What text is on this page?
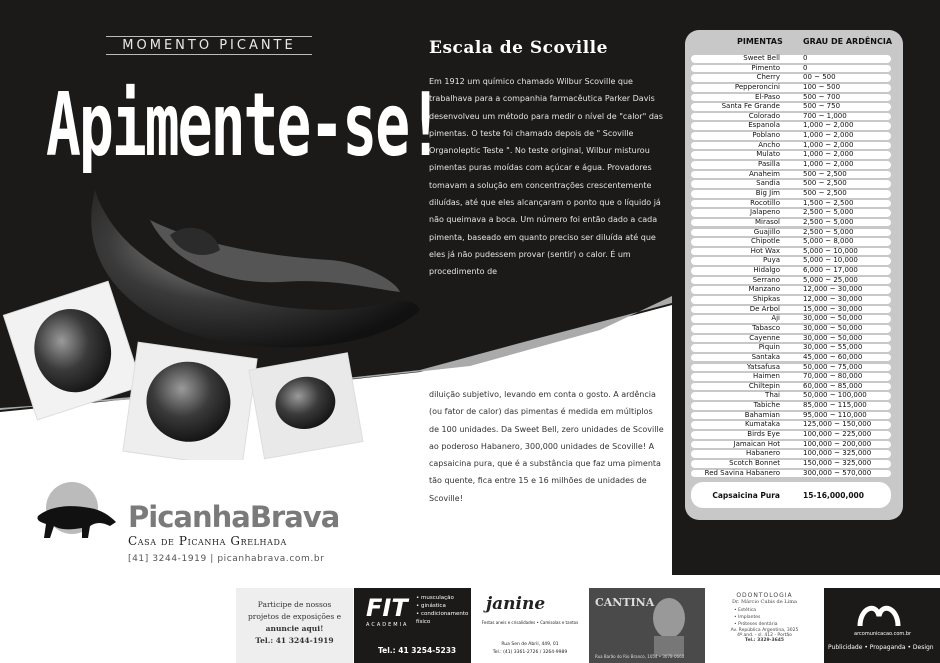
MOMENTO PICANTE
Apimente-se!
Escala de Scoville
Em 1912 um químico chamado Wilbur Scoville que trabalhava para a companhia farmacêutica Parker Davis desenvolveu um método para medir o nível de "calor" das pimentas. O teste foi chamado depois de " Scoville Organoleptic Teste ". No teste original, Wilbur misturou pimentas puras moídas com açúcar e água. Provadores tomavam a solução em concentrações crescentemente diluídas, até que eles alcançaram o ponto que o líquido já não queimava a boca. Um número foi então dado a cada pimenta, baseado em quanto preciso ser diluída até que eles já não pudessem provar (sentir) o calor. É um procedimento de
diluição subjetivo, levando em conta o gosto. A ardência (ou fator de calor) das pimentas é medida em múltiplos de 100 unidades. Da Sweet Bell, zero unidades de Scoville ao poderoso Habanero, 300,000 unidades de Scoville! A capsaicina pura, que é a substância que faz uma pimenta tão quente, fica entre 15 e 16 milhões de unidades de Scoville!
PicanhaBrava
Casa de Picanha Grelhada
[41] 3244-1919 | picanhabrava.com.br
PIMENTAS	GRAU DE ARDÊNCIA
Sweet Bell	0
Pimento	0
Cherry	00 ~ 500
Pepperoncini	100 ~ 500
El-Paso	500 ~ 700
Santa Fe Grande	500 ~ 750
Colorado	700 ~ 1,000
Espanola	1,000 ~ 2,000
Poblano	1,000 ~ 2,000
Ancho	1,000 ~ 2,000
Mulato	1,000 ~ 2,000
Pasilla	1,000 ~ 2,000
Anaheim	500 ~ 2,500
Sandia	500 ~ 2,500
Big Jim	500 ~ 2,500
Rocotillo	1,500 ~ 2,500
Jalapeno	2,500 ~ 5,000
Mirasol	2,500 ~ 5,000
Guajillo	2,500 ~ 5,000
Chipotle	5,000 ~ 8,000
Hot Wax	5,000 ~ 10,000
Puya	5,000 ~ 10,000
Hidalgo	6,000 ~ 17,000
Serrano	5,000 ~ 25,000
Manzano	12,000 ~ 30,000
Shipkas	12,000 ~ 30,000
De Arbol	15,000 ~ 30,000
Aji	30,000 ~ 50,000
Tabasco	30,000 ~ 50,000
Cayenne	30,000 ~ 50,000
Piquin	30,000 ~ 55,000
Santaka	45,000 ~ 60,000
Yatsafusa	50,000 ~ 75,000
Haimen	70,000 ~ 80,000
Chiltepin	60,000 ~ 85,000
Thai	50,000 ~ 100,000
Tabiche	85,000 ~ 115,000
Bahamian	95,000 ~ 110,000
Kumataka	125,000 ~ 150,000
Birds Eye	100,000 ~ 225,000
Jamaican Hot	100,000 ~ 200,000
Habanero	100,000 ~ 325,000
Scotch Bonnet	150,000 ~ 325,000
Red Savina Habanero	300,000 ~ 570,000
Capsaicina Pura	15-16,000,000
Participe de nossos
projetos de exposições e
anuncie aqui!
Tel.: 41 3244-1919
FIT
ACADEMIA
• musculação
• ginástica
• condicionamento
físico
Tel.: 41 3254-5233
janine
Festas aneis e crisalidades • Camisolas e tantos
Rua Sen de Abril, 449, 01
Tel.: (41) 3361-2726 / 3264-9989
CANTINA
Rua Barão do Rio Branco, 1054 • 3078-0660
ODONTOLOGIA
Dr. Márcio Cubis de Lima
• Estética
• Implantes
• Próteses dentária
Av. República Argentina, 3025
4º and. - sl. 412 - Portão
Tel.: 3329-3645
arcomunicacao.com.br
Publicidade • Propaganda • Design
